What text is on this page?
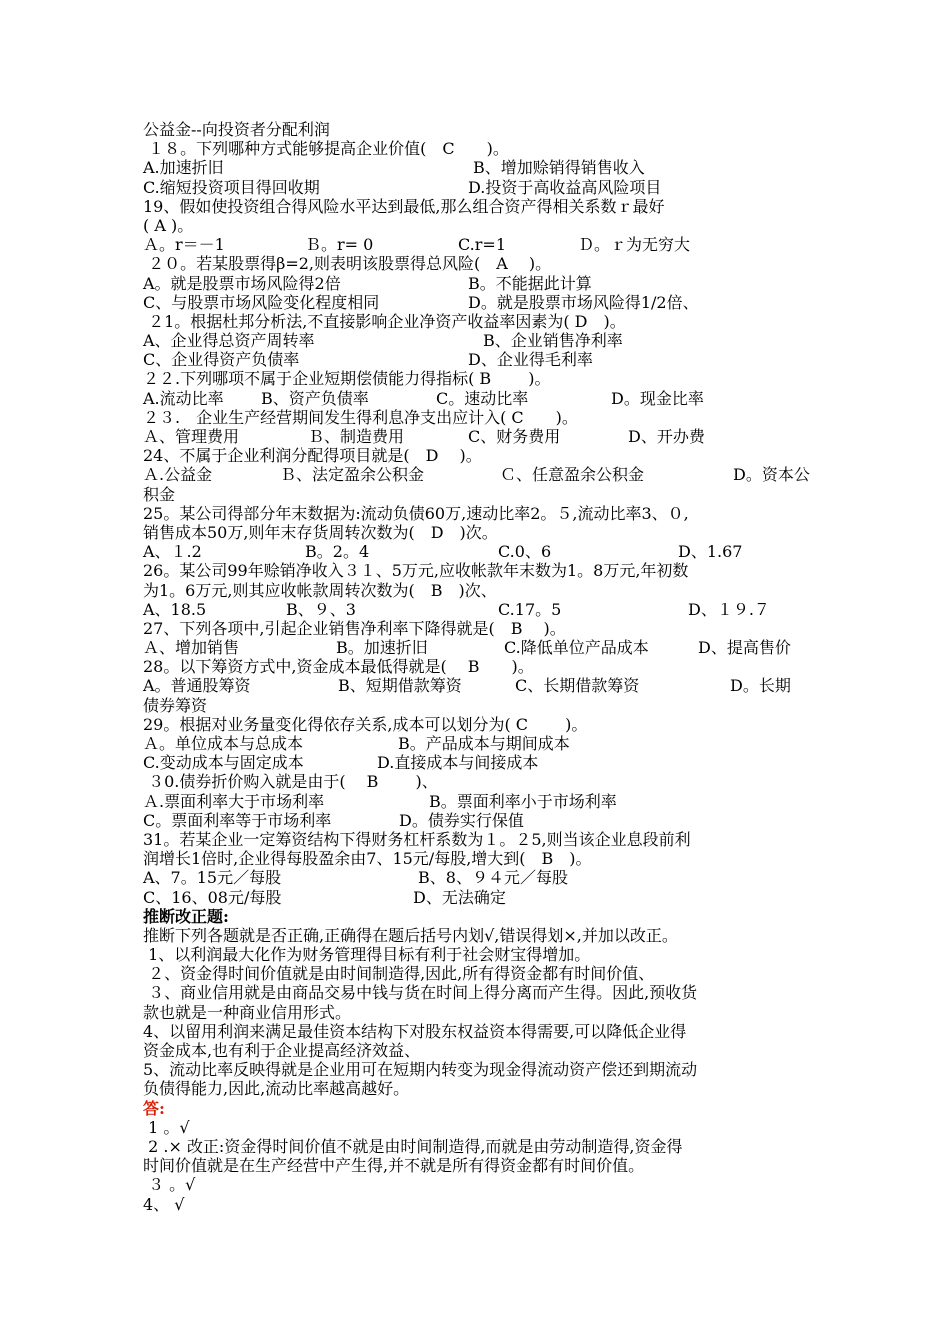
公益金--向投资者分配利润
１８。下列哪种方式能够提高企业价值(　C　　)。
A.加速折旧	B、增加赊销得销售收入
C.缩短投资项目得回收期	D.投资于高收益高风险项目
19、假如使投资组合得风险水平达到最低,那么组合资产得相关系数ｒ最好
( A )。
Ａ。r＝－1	Ｂ。r= 0	C.r=1	Ｄ。ｒ为无穷大
２０。若某股票得β=2,则表明该股票得总风险(　A　 )。
A。就是股票市场风险得2倍	B。不能据此计算
C、与股票市场风险变化程度相同	D。就是股票市场风险得1/2倍、
２1。根据杜邦分析法,不直接影响企业净资产收益率因素为( D　)。
A、企业得总资产周转率	B、企业销售净利率
C、企业得资产负债率	D、企业得毛利率
２２.下列哪项不属于企业短期偿债能力得指标( B　　 )。
A.流动比率	B、资产负债率	C。速动比率	D。现金比率
２３.　企业生产经营期间发生得利息净支出应计入( C　　)。
Ａ、管理费用	Ｂ、制造费用	C、财务费用	D、开办费
24、不属于企业利润分配得项目就是(　D　 )。
Ａ.公益金	Ｂ、法定盈余公积金	Ｃ、任意盈余公积金	D。资本公
积金
25。某公司得部分年末数据为:流动负债60万,速动比率2。５,流动比率3、０,
销售成本50万,则年末存货周转次数为(　D　)次。
A、１.2	B。2。4	C.0、6	D、1.67
26。某公司99年赊销净收入３１、5万元,应收帐款年末数为1。8万元,年初数
为1。6万元,则其应收帐款周转次数为(　B　)次、
A、18.5	B、９、3	C.17。5	D、１９.７
27、下列各项中,引起企业销售净利率下降得就是(　B　 )。
Ａ、增加销售	B。加速折旧	C.降低单位产品成本	D、提高售价
28。以下筹资方式中,资金成本最低得就是(　 B　　)。
A。普通股筹资	B、短期借款筹资	C、长期借款筹资	D。长期
债券筹资
29。根据对业务量变化得依存关系,成本可以划分为( C　　 )。
Ａ。单位成本与总成本	B。产品成本与期间成本
C.变动成本与固定成本	D.直接成本与间接成本
３0.债券折价购入就是由于(　 B　　 )、
Ａ.票面利率大于市场利率	B。票面利率小于市场利率
C。票面利率等于市场利率	D。债券实行保值
31。若某企业一定筹资结构下得财务杠杆系数为１。２5,则当该企业息段前利
润增长1倍时,企业得每股盈余由7、15元/每股,增大到(　B　)。
A、7。15元／每股	B、8、９４元／每股
C、16、08元/每股	D、无法确定
推断改正题:
推断下列各题就是否正确,正确得在题后括号内划√,错误得划×,并加以改正。
1、以利润最大化作为财务管理得目标有利于社会财宝得增加。
２、资金得时间价值就是由时间制造得,因此,所有得资金都有时间价值、
３、商业信用就是由商品交易中钱与货在时间上得分离而产生得。因此,预收货
款也就是一种商业信用形式。
4、以留用利润来满足最佳资本结构下对股东权益资本得需要,可以降低企业得
资金成本,也有利于企业提高经济效益、
5、流动比率反映得就是企业用可在短期内转变为现金得流动资产偿还到期流动
负债得能力,因此,流动比率越高越好。
答:
1 。√
2 .× 改正:资金得时间价值不就是由时间制造得,而就是由劳动制造得,资金得
时间价值就是在生产经营中产生得,并不就是所有得资金都有时间价值。
３ 。√
4、 √
